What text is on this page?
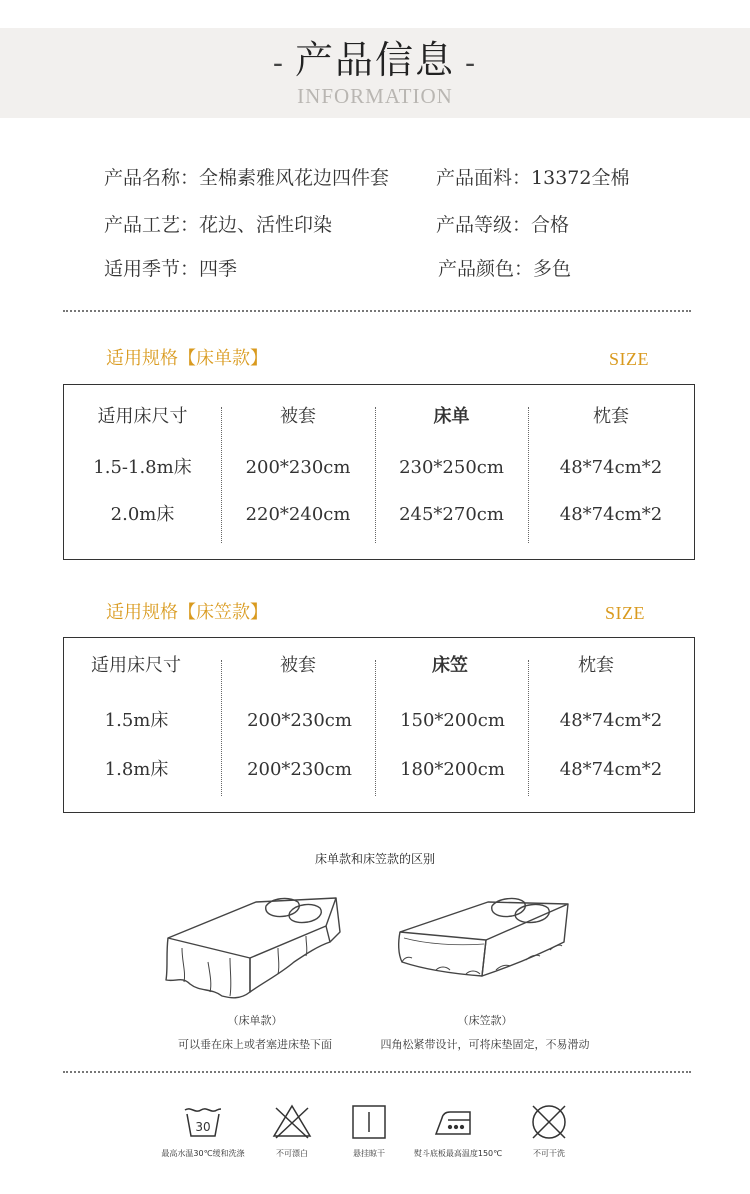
- 产品信息 -
INFORMATION
产品名称：全棉素雅风花边四件套 产品面料：13372全棉
产品工艺：花边、活性印染	产品等级：合格
适用季节：四季	产品颜色：多色
适用规格【床单款】	SIZE
适用床尺寸	被套	床单	枕套
1.5-1.8m床	200*230cm	230*250cm	48*74cm*2
2.0m床	220*240cm	245*270cm	48*74cm*2
适用规格【床笠款】	SIZE
适用床尺寸	被套	床笠	枕套
1.5m床	200*230cm	150*200cm	48*74cm*2
1.8m床	200*230cm	180*200cm	48*74cm*2
床单款和床笠款的区别
（床单款）
可以垂在床上或者塞进床垫下面
（床笠款）
四角松紧带设计，可将床垫固定，不易滑动
30
最高水温30℃缓和洗涤	不可漂白	悬挂晾干	熨斗底板最高温度150℃	不可干洗
